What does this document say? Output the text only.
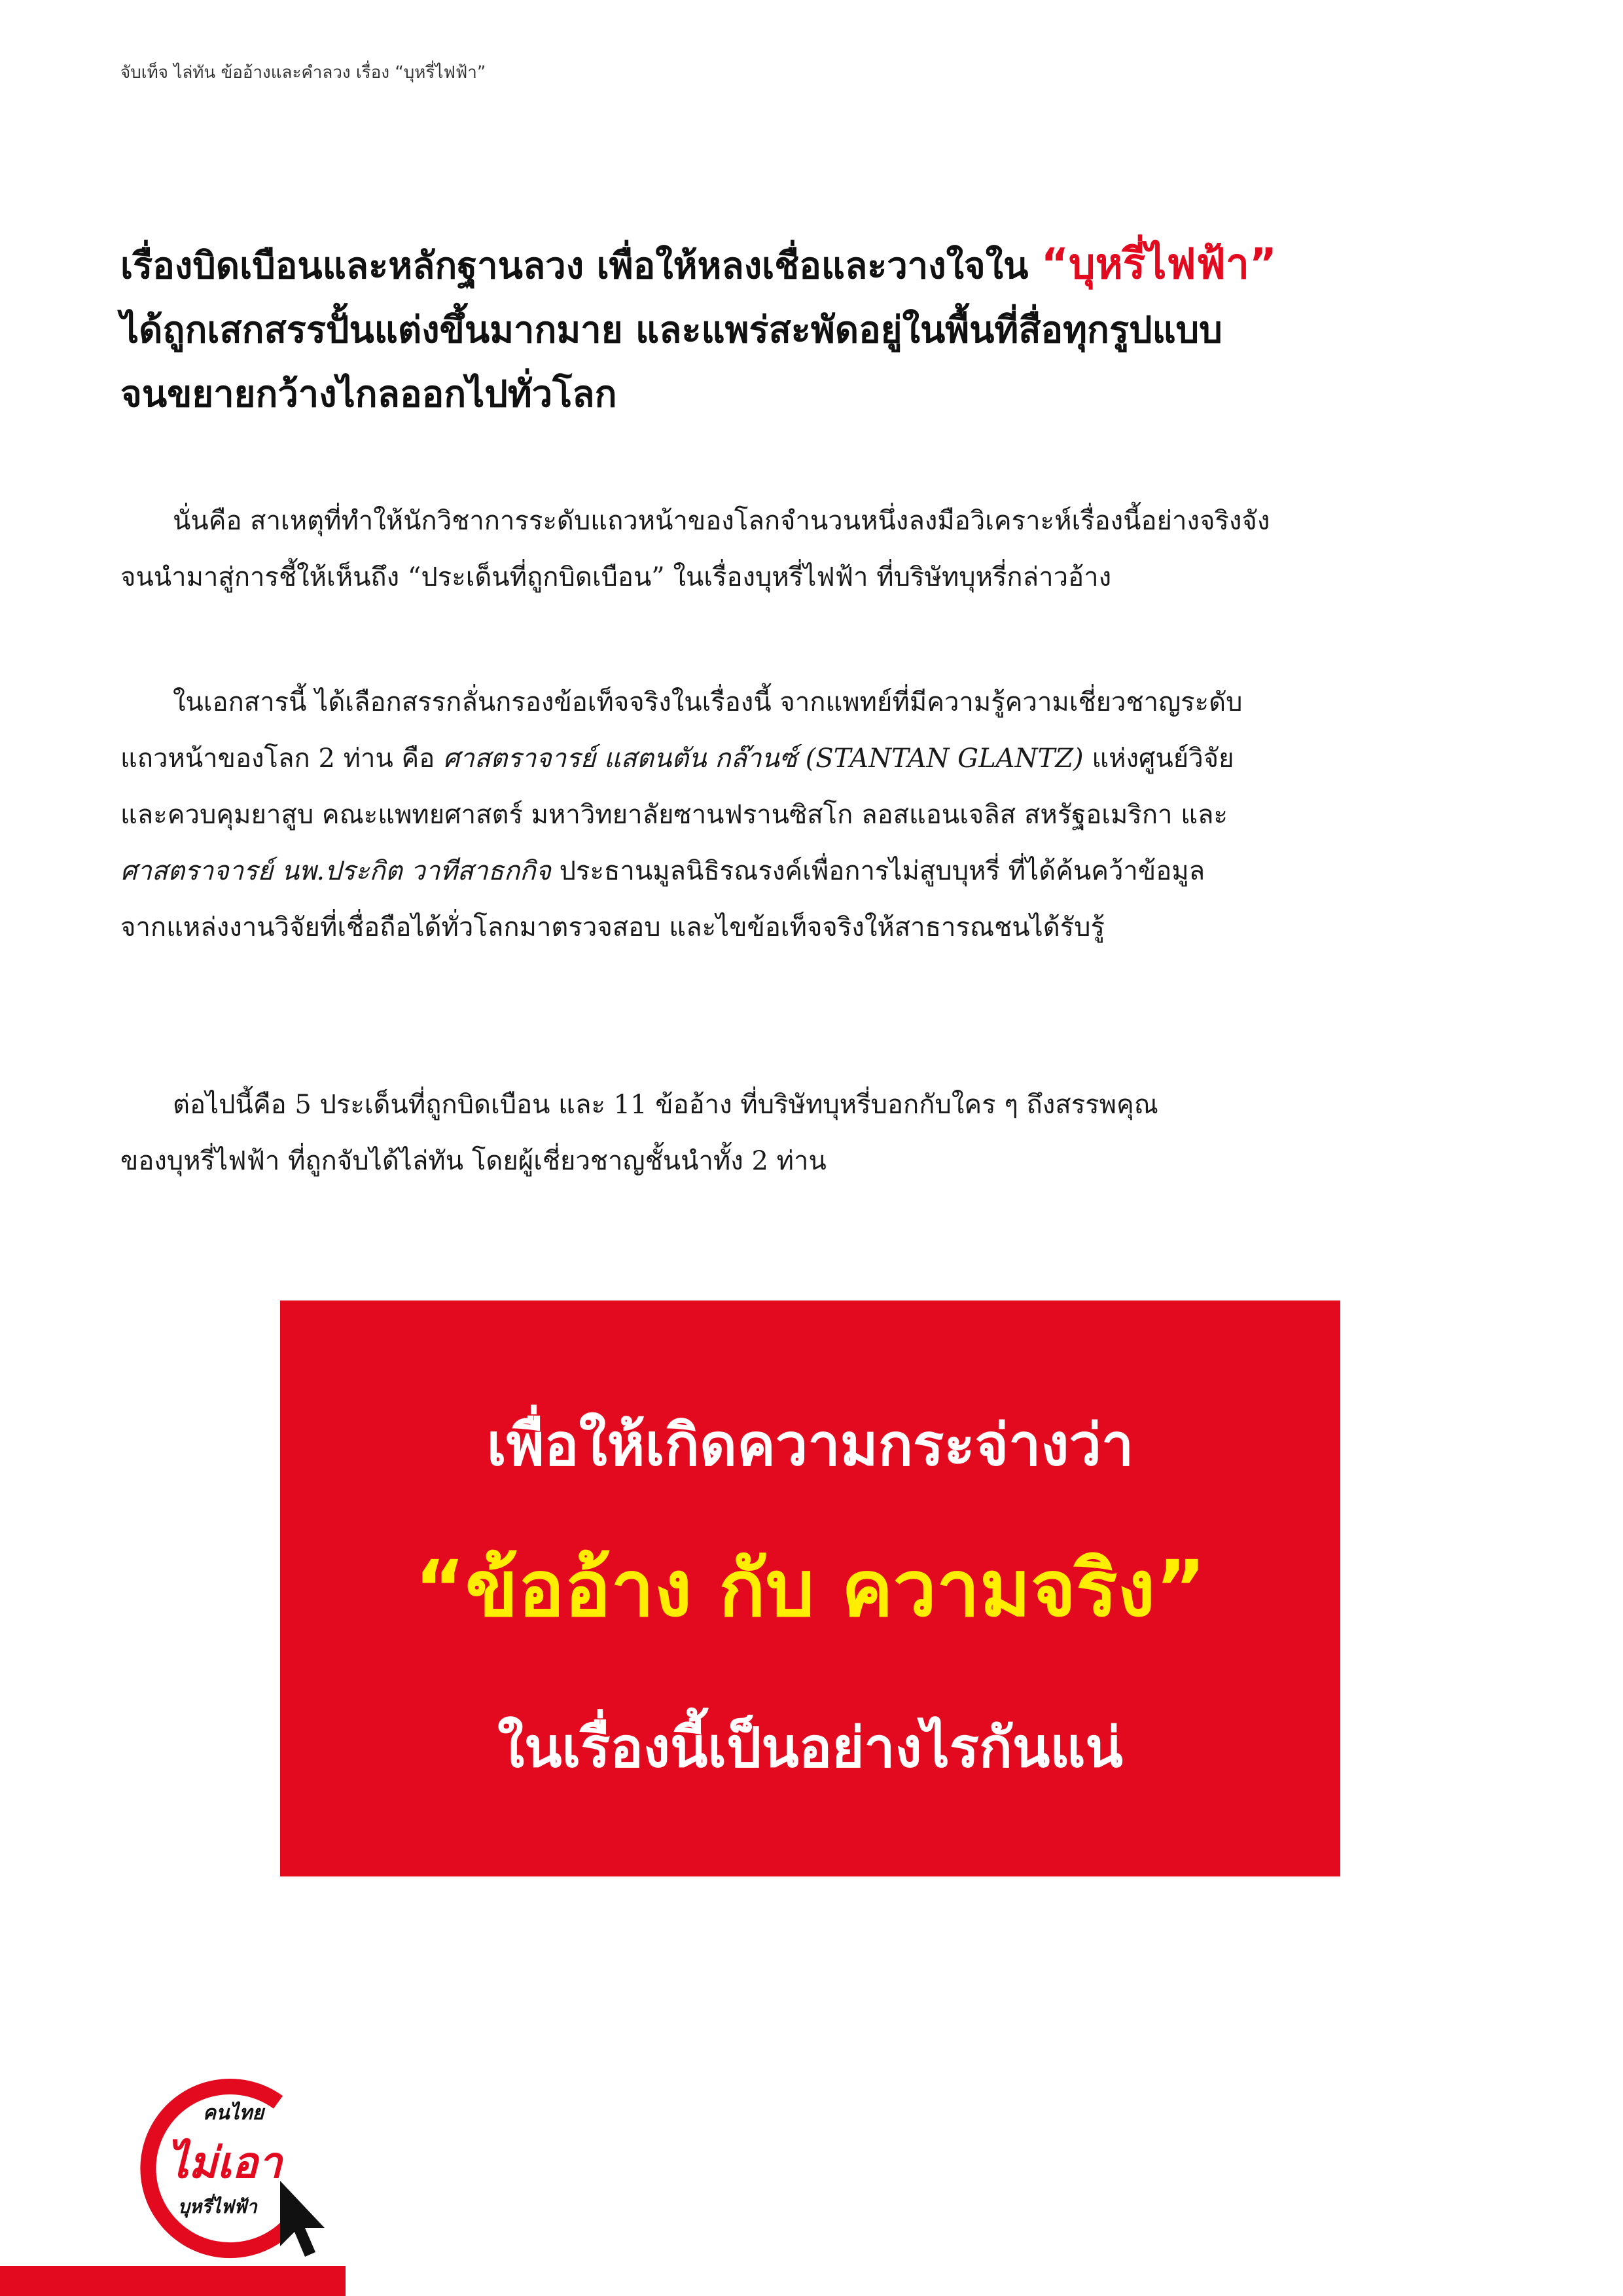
จับเท็จ ไล่ทัน ข้ออ้างและคำลวง เรื่อง “บุหรี่ไฟฟ้า”
เรื่องบิดเบือนและหลักฐานลวง เพื่อให้หลงเชื่อและวางใจใน “บุหรี่ไฟฟ้า”
ได้ถูกเสกสรรปั้นแต่งขึ้นมากมาย และแพร่สะพัดอยู่ในพื้นที่สื่อทุกรูปแบบ
จนขยายกว้างไกลออกไปทั่วโลก
นั่นคือ สาเหตุที่ทำให้นักวิชาการระดับแถวหน้าของโลกจำนวนหนึ่งลงมือวิเคราะห์เรื่องนี้อย่างจริงจัง
จนนำมาสู่การชี้ให้เห็นถึง “ประเด็นที่ถูกบิดเบือน” ในเรื่องบุหรี่ไฟฟ้า ที่บริษัทบุหรี่กล่าวอ้าง
ในเอกสารนี้ ได้เลือกสรรกลั่นกรองข้อเท็จจริงในเรื่องนี้ จากแพทย์ที่มีความรู้ความเชี่ยวชาญระดับ
แถวหน้าของโลก 2 ท่าน คือ ศาสตราจารย์ แสตนตัน กล๊านซ์ (STANTAN GLANTZ) แห่งศูนย์วิจัย
และควบคุมยาสูบ คณะแพทยศาสตร์ มหาวิทยาลัยซานฟรานซิสโก ลอสแอนเจลิส สหรัฐอเมริกา และ
ศาสตราจารย์ นพ.ประกิต วาทีสาธกกิจ ประธานมูลนิธิรณรงค์เพื่อการไม่สูบบุหรี่ ที่ได้ค้นคว้าข้อมูล
จากแหล่งงานวิจัยที่เชื่อถือได้ทั่วโลกมาตรวจสอบ และไขข้อเท็จจริงให้สาธารณชนได้รับรู้
ต่อไปนี้คือ 5 ประเด็นที่ถูกบิดเบือน และ 11 ข้ออ้าง ที่บริษัทบุหรี่บอกกับใคร ๆ ถึงสรรพคุณ
ของบุหรี่ไฟฟ้า ที่ถูกจับได้ไล่ทัน โดยผู้เชี่ยวชาญชั้นนำทั้ง 2 ท่าน
เพื่อให้เกิดความกระจ่างว่า
“ข้ออ้าง กับ ความจริง”
ในเรื่องนี้เป็นอย่างไรกันแน่
คนไทย
ไม่เอา
บุหรี่ไฟฟ้า
